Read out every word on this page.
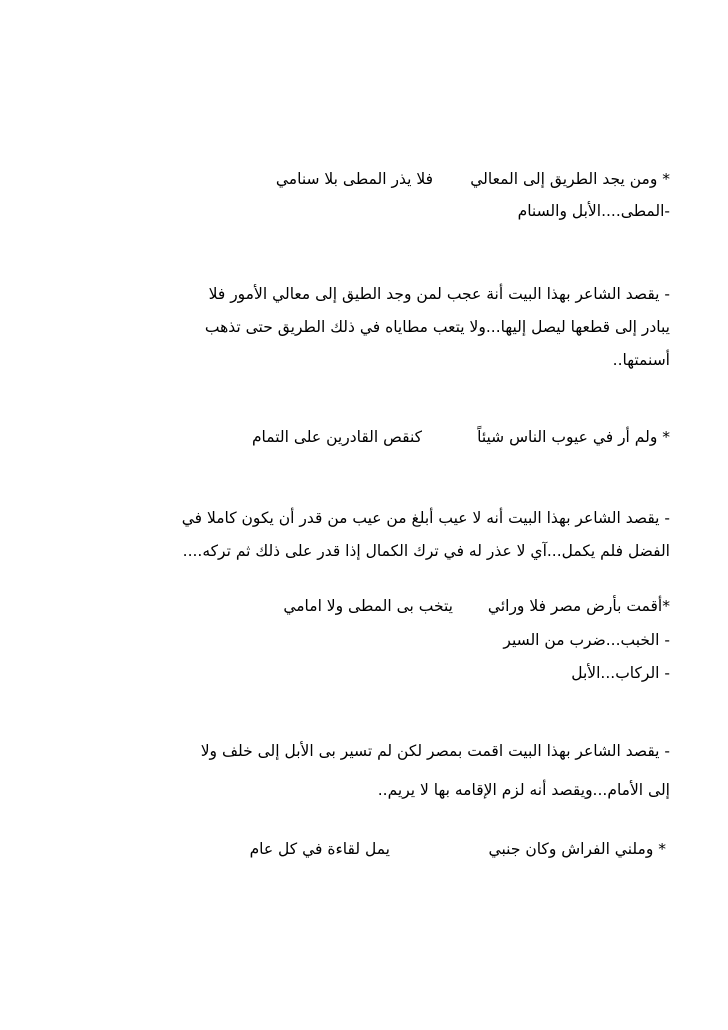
* ومن يجد الطريق إلى المعالي
فلا يذر المطى بلا سنامي
-المطى....الأبل والسنام
- يقصد الشاعر بهذا البيت أنة عجب لمن وجد الطيق إلى معالي الأمور فلا
يبادر إلى قطعها ليصل إليها...ولا يتعب مطاياه في ذلك الطريق حتى تذهب
أسنمتها..
* ولم أر في عيوب الناس شيئاً
كنقص القادرين على التمام
- يقصد الشاعر بهذا البيت أنه لا عيب أبلغ من عيب من قدر أن يكون كاملا في
الفضل فلم يكمل...آي لا عذر له في ترك الكمال إذا قدر على ذلك ثم تركه....
*أقمت بأرض مصر فلا ورائي
يتخب بى المطى ولا امامي
- الخبب...ضرب من السير
- الركاب...الأبل
- يقصد الشاعر بهذا البيت اقمت بمصر لكن لم تسير بى الأبل إلى خلف ولا
إلى الأمام...ويقصد أنه لزم الإقامه بها لا يريم..
* وملني الفراش وكان جنبي
يمل لقاءة في كل عام
